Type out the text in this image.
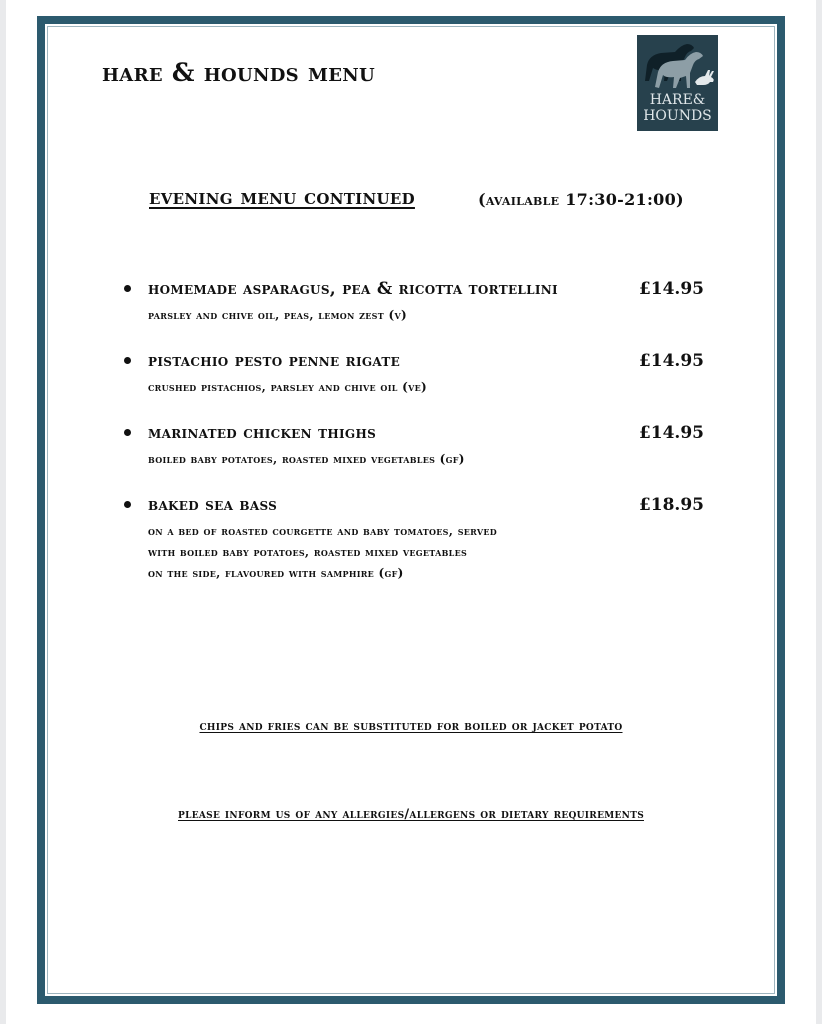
hare & hounds menu
HARE&
HOUNDS
evening menu continued	(available 17:30-21:00)
homemade asparagus, pea & ricotta tortellini	£14.95
parsley and chive oil, peas, lemon zest (v)
pistachio pesto penne rigate	£14.95
crushed pistachios, parsley and chive oil (ve)
marinated chicken thighs	£14.95
boiled baby potatoes, roasted mixed vegetables (gf)
baked sea bass	£18.95
on a bed of roasted courgette and baby tomatoes, served
with boiled baby potatoes, roasted mixed vegetables
on the side, flavoured with samphire (gf)
chips and fries can be substituted for boiled or jacket potato
please inform us of any allergies/allergens or dietary requirements
